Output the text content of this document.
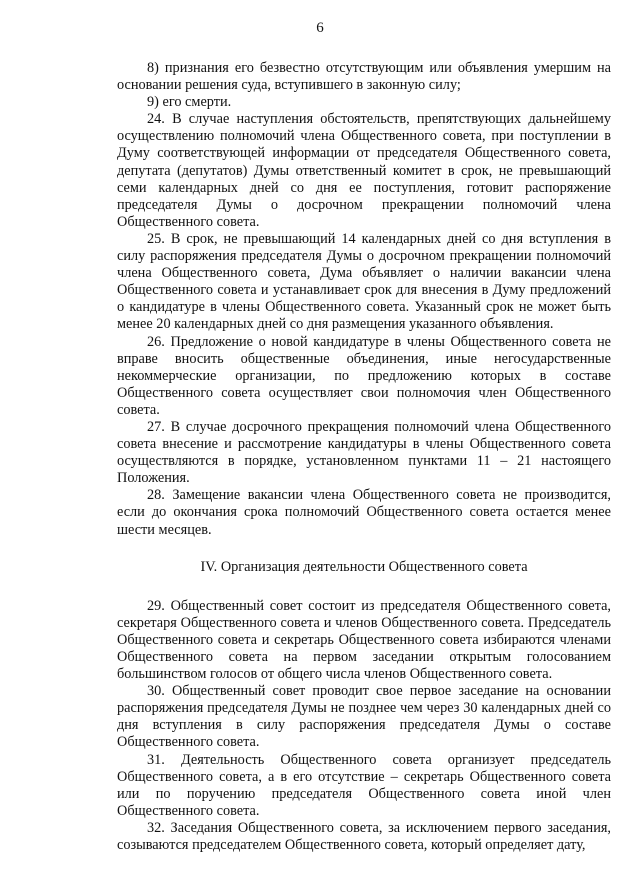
6

8) признания его безвестно отсутствующим или объявления умершим на основании решения суда, вступившего в законную силу;

9) его смерти.

24. В случае наступления обстоятельств, препятствующих дальнейшему осуществлению полномочий члена Общественного совета, при поступлении в Думу соответствующей информации от председателя Общественного совета, депутата (депутатов) Думы ответственный комитет в срок, не превышающий семи календарных дней со дня ее поступления, готовит распоряжение председателя Думы о досрочном прекращении полномочий члена Общественного совета.

25. В срок, не превышающий 14 календарных дней со дня вступления в силу распоряжения председателя Думы о досрочном прекращении полномочий члена Общественного совета, Дума объявляет о наличии вакансии члена Общественного совета и устанавливает срок для внесения в Думу предложений о кандидатуре в члены Общественного совета. Указанный срок не может быть менее 20 календарных дней со дня размещения указанного объявления.

26. Предложение о новой кандидатуре в члены Общественного совета не вправе вносить общественные объединения, иные негосударственные некоммерческие организации, по предложению которых в составе Общественного совета осуществляет свои полномочия член Общественного совета.

27. В случае досрочного прекращения полномочий члена Общественного совета внесение и рассмотрение кандидатуры в члены Общественного совета осуществляются в порядке, установленном пунктами 11 – 21 настоящего Положения.

28. Замещение вакансии члена Общественного совета не производится, если до окончания срока полномочий Общественного совета остается менее шести месяцев.

IV. Организация деятельности Общественного совета

29. Общественный совет состоит из председателя Общественного совета, секретаря Общественного совета и членов Общественного совета. Председатель Общественного совета и секретарь Общественного совета избираются членами Общественного совета на первом заседании открытым голосованием большинством голосов от общего числа членов Общественного совета.

30. Общественный совет проводит свое первое заседание на основании распоряжения председателя Думы не позднее чем через 30 календарных дней со дня вступления в силу распоряжения председателя Думы о составе Общественного совета.

31. Деятельность Общественного совета организует председатель Общественного совета, а в его отсутствие – секретарь Общественного совета или по поручению председателя Общественного совета иной член Общественного совета.

32. Заседания Общественного совета, за исключением первого заседания, созываются председателем Общественного совета, который определяет дату,
